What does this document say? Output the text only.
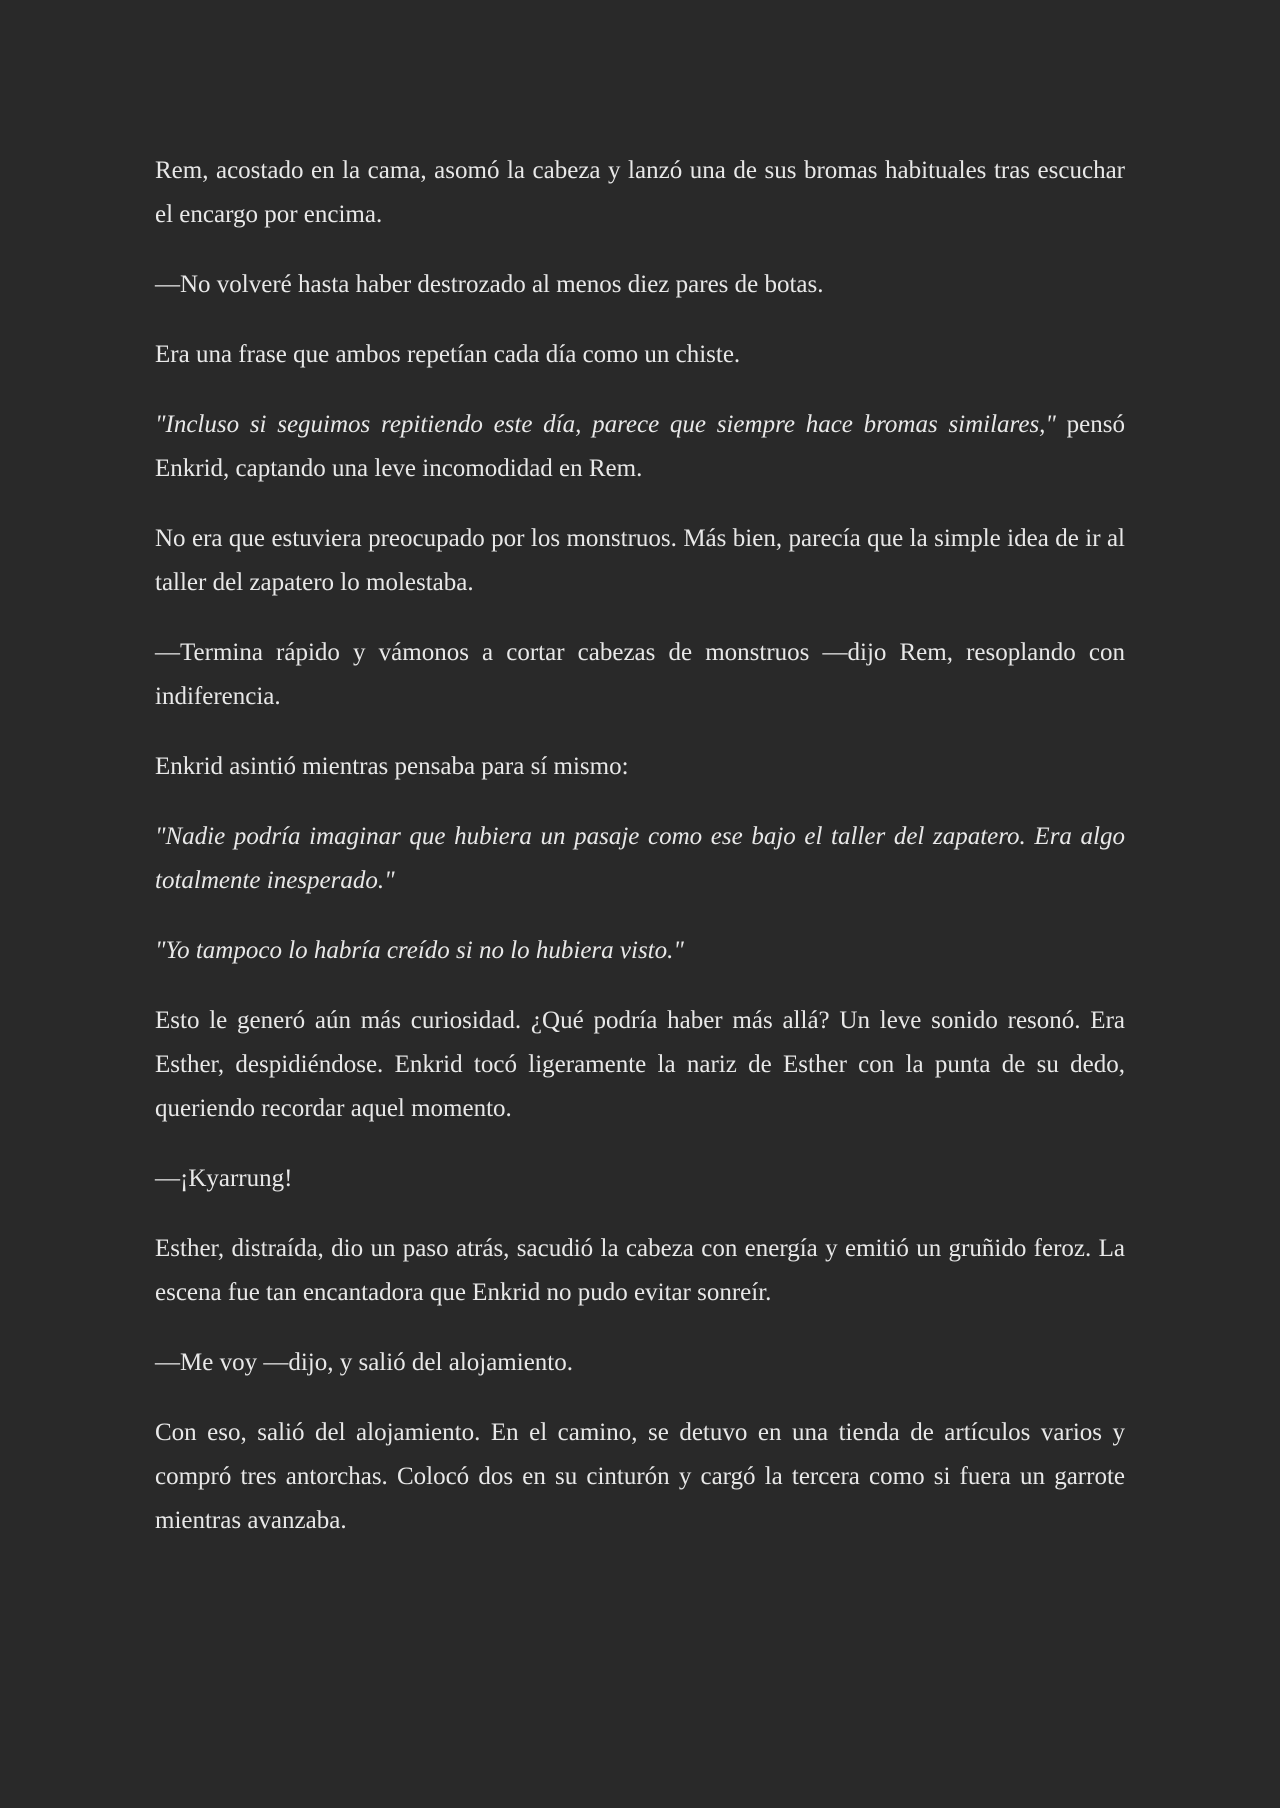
Rem, acostado en la cama, asomó la cabeza y lanzó una de sus bromas habituales tras escuchar el encargo por encima.

—No volveré hasta haber destrozado al menos diez pares de botas.

Era una frase que ambos repetían cada día como un chiste.

"Incluso si seguimos repitiendo este día, parece que siempre hace bromas similares," pensó Enkrid, captando una leve incomodidad en Rem.

No era que estuviera preocupado por los monstruos. Más bien, parecía que la simple idea de ir al taller del zapatero lo molestaba.

—Termina rápido y vámonos a cortar cabezas de monstruos —dijo Rem, resoplando con indiferencia.

Enkrid asintió mientras pensaba para sí mismo:

"Nadie podría imaginar que hubiera un pasaje como ese bajo el taller del zapatero. Era algo totalmente inesperado."

"Yo tampoco lo habría creído si no lo hubiera visto."

Esto le generó aún más curiosidad. ¿Qué podría haber más allá? Un leve sonido resonó. Era Esther, despidiéndose. Enkrid tocó ligeramente la nariz de Esther con la punta de su dedo, queriendo recordar aquel momento.

—¡Kyarrung!

Esther, distraída, dio un paso atrás, sacudió la cabeza con energía y emitió un gruñido feroz. La escena fue tan encantadora que Enkrid no pudo evitar sonreír.

—Me voy —dijo, y salió del alojamiento.

Con eso, salió del alojamiento. En el camino, se detuvo en una tienda de artículos varios y compró tres antorchas. Colocó dos en su cinturón y cargó la tercera como si fuera un garrote mientras avanzaba.
